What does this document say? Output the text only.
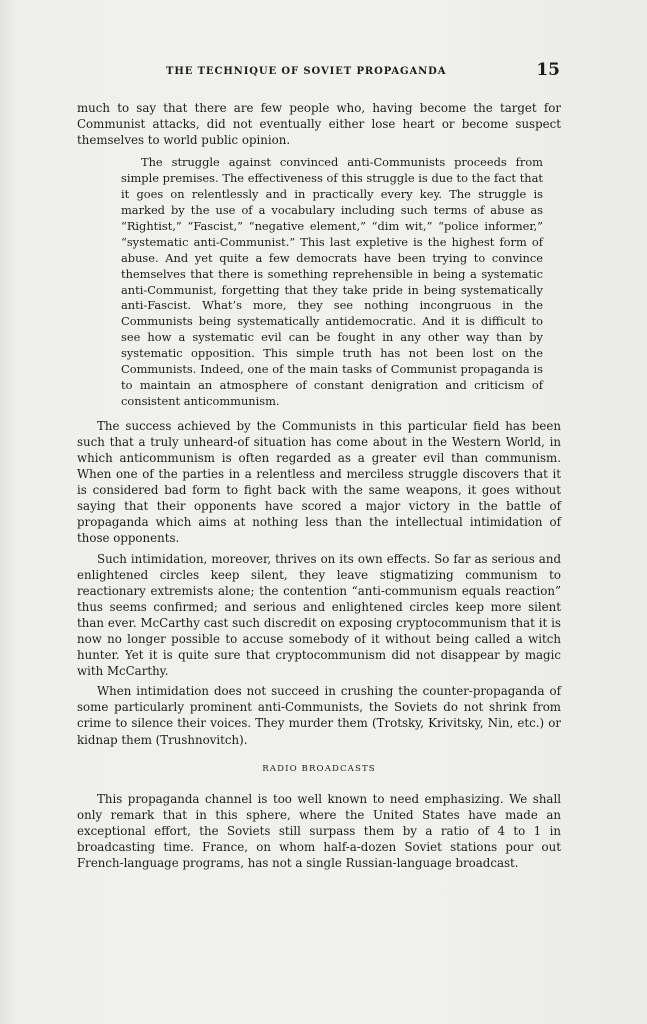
THE TECHNIQUE OF SOVIET PROPAGANDA	15

much to say that there are few people who, having become the target for Communist attacks, did not eventually either lose heart or become suspect themselves to world public opinion.

The struggle against convinced anti-Communists proceeds from simple premises. The effectiveness of this struggle is due to the fact that it goes on relentlessly and in practically every key. The struggle is marked by the use of a vocabulary including such terms of abuse as “Rightist,” “Fascist,” “negative element,” “dim wit,” “police informer,” “systematic anti-Communist.” This last expletive is the highest form of abuse. And yet quite a few democrats have been trying to convince themselves that there is something reprehensible in being a systematic anti-Communist, forgetting that they take pride in being systematically anti-Fascist. What’s more, they see nothing incongruous in the Communists being systematically antidemocratic. And it is difficult to see how a systematic evil can be fought in any other way than by systematic opposition. This simple truth has not been lost on the Communists. Indeed, one of the main tasks of Communist propaganda is to maintain an atmosphere of constant denigration and criticism of consistent anticommunism.

The success achieved by the Communists in this particular field has been such that a truly unheard-of situation has come about in the Western World, in which anticommunism is often regarded as a greater evil than communism. When one of the parties in a relentless and merciless struggle discovers that it is considered bad form to fight back with the same weapons, it goes without saying that their opponents have scored a major victory in the battle of propaganda which aims at nothing less than the intellectual intimidation of those opponents.

Such intimidation, moreover, thrives on its own effects. So far as serious and enlightened circles keep silent, they leave stigmatizing communism to reactionary extremists alone; the contention “anti-communism equals reaction” thus seems confirmed; and serious and enlightened circles keep more silent than ever. McCarthy cast such discredit on exposing cryptocommunism that it is now no longer possible to accuse somebody of it without being called a witch hunter. Yet it is quite sure that cryptocommunism did not disappear by magic with McCarthy.

When intimidation does not succeed in crushing the counter-propaganda of some particularly prominent anti-Communists, the Soviets do not shrink from crime to silence their voices. They murder them (Trotsky, Krivitsky, Nin, etc.) or kidnap them (Trushnovitch).

RADIO BROADCASTS

This propaganda channel is too well known to need emphasizing. We shall only remark that in this sphere, where the United States have made an exceptional effort, the Soviets still surpass them by a ratio of 4 to 1 in broadcasting time. France, on whom half-a-dozen Soviet stations pour out French-language programs, has not a single Russian-language broadcast.
